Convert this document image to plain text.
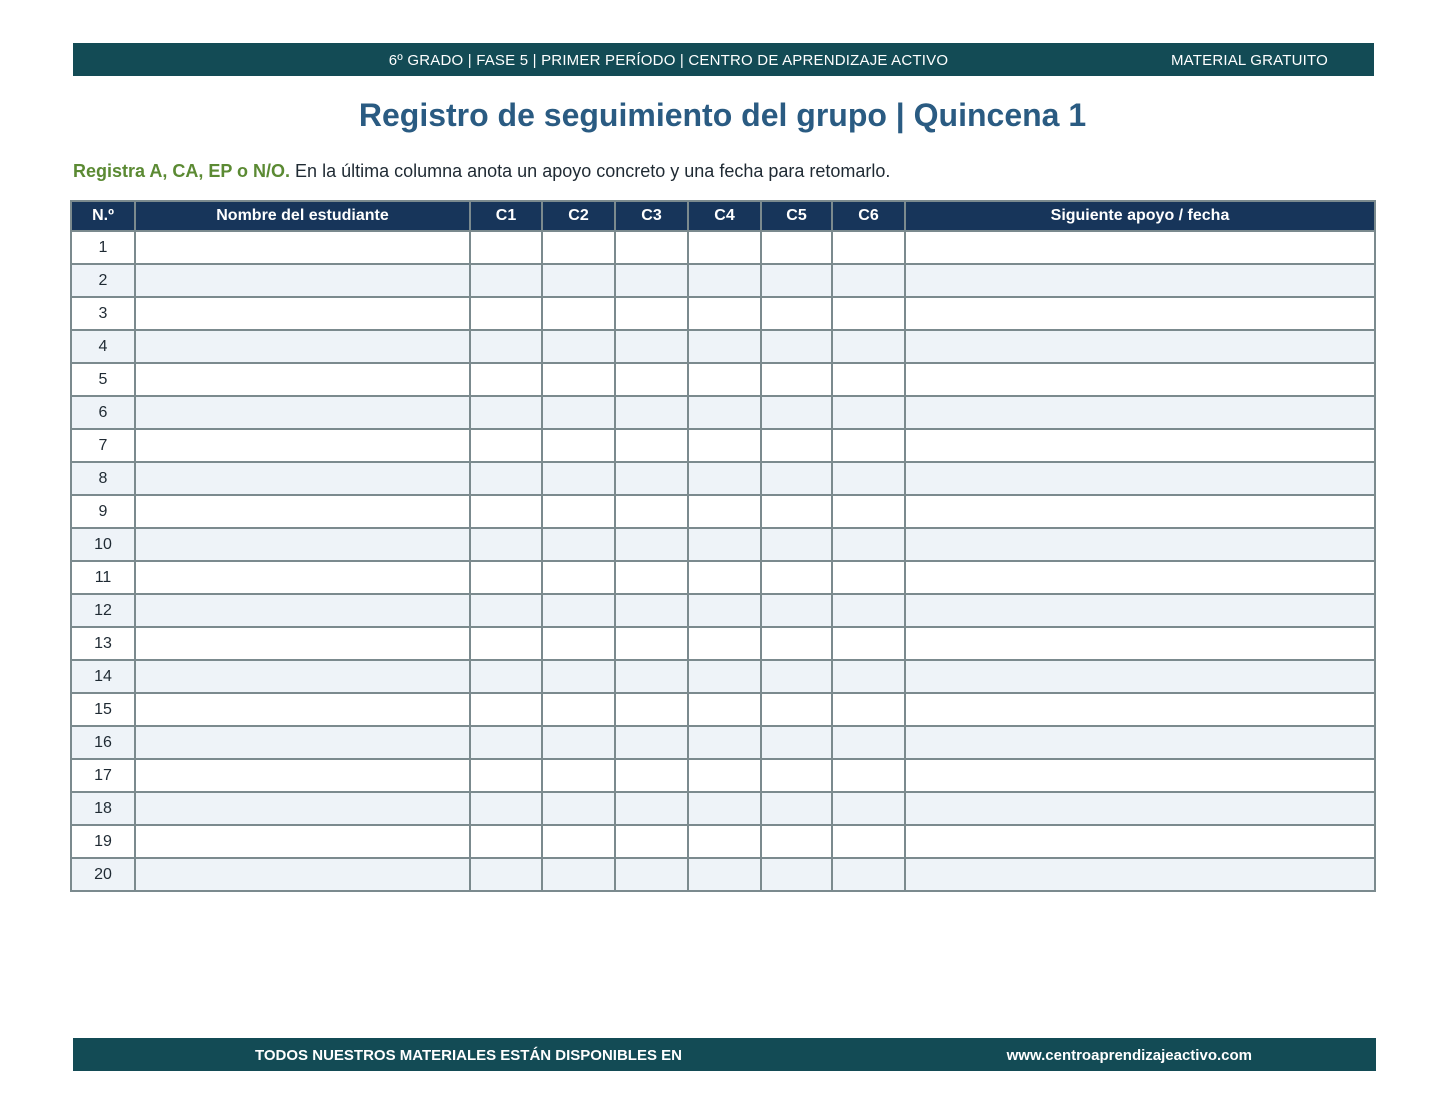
6º GRADO | FASE 5 | PRIMER PERÍODO | CENTRO DE APRENDIZAJE ACTIVO	MATERIAL GRATUITO
Registro de seguimiento del grupo | Quincena 1
Registra A, CA, EP o N/O. En la última columna anota un apoyo concreto y una fecha para retomarlo.
N.º	Nombre del estudiante	C1	C2	C3	C4	C5	C6	Siguiente apoyo / fecha
1								
2								
3								
4								
5								
6								
7								
8								
9								
10								
11								
12								
13								
14								
15								
16								
17								
18								
19								
20								
TODOS NUESTROS MATERIALES ESTÁN DISPONIBLES EN	www.centroaprendizajeactivo.com
